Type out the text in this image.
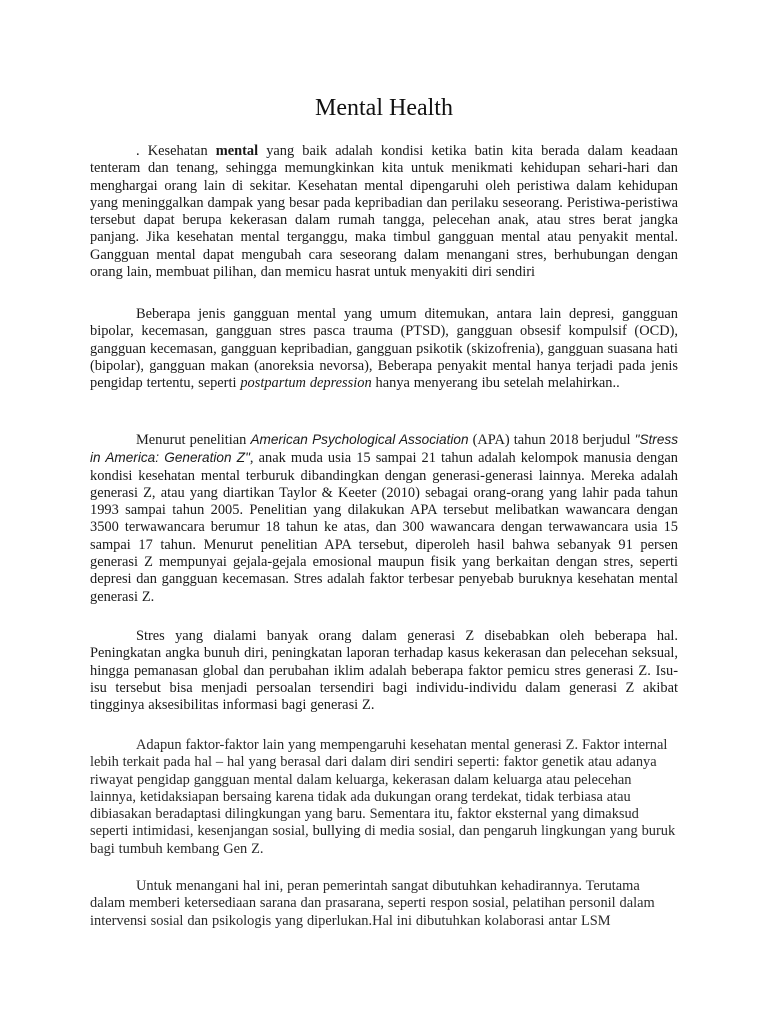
Mental Health

. Kesehatan mental yang baik adalah kondisi ketika batin kita berada dalam keadaan tenteram dan tenang, sehingga memungkinkan kita untuk menikmati kehidupan sehari-hari dan menghargai orang lain di sekitar. Kesehatan mental dipengaruhi oleh peristiwa dalam kehidupan yang meninggalkan dampak yang besar pada kepribadian dan perilaku seseorang. Peristiwa-peristiwa tersebut dapat berupa kekerasan dalam rumah tangga, pelecehan anak, atau stres berat jangka panjang. Jika kesehatan mental terganggu, maka timbul gangguan mental atau penyakit mental. Gangguan mental dapat mengubah cara seseorang dalam menangani stres, berhubungan dengan orang lain, membuat pilihan, dan memicu hasrat untuk menyakiti diri sendiri

Beberapa jenis gangguan mental yang umum ditemukan, antara lain depresi, gangguan bipolar, kecemasan, gangguan stres pasca trauma (PTSD), gangguan obsesif kompulsif (OCD), gangguan kecemasan, gangguan kepribadian, gangguan psikotik (skizofrenia), gangguan suasana hati (bipolar), gangguan makan (anoreksia nevorsa), Beberapa penyakit mental hanya terjadi pada jenis pengidap tertentu, seperti postpartum depression hanya menyerang ibu setelah melahirkan..

Menurut penelitian American Psychological Association (APA) tahun 2018 berjudul "Stress in America: Generation Z", anak muda usia 15 sampai 21 tahun adalah kelompok manusia dengan kondisi kesehatan mental terburuk dibandingkan dengan generasi-generasi lainnya. Mereka adalah generasi Z, atau yang diartikan Taylor & Keeter (2010) sebagai orang-orang yang lahir pada tahun 1993 sampai tahun 2005. Penelitian yang dilakukan APA tersebut melibatkan wawancara dengan 3500 terwawancara berumur 18 tahun ke atas, dan 300 wawancara dengan terwawancara usia 15 sampai 17 tahun. Menurut penelitian APA tersebut, diperoleh hasil bahwa sebanyak 91 persen generasi Z mempunyai gejala-gejala emosional maupun fisik yang berkaitan dengan stres, seperti depresi dan gangguan kecemasan. Stres adalah faktor terbesar penyebab buruknya kesehatan mental generasi Z.

Stres yang dialami banyak orang dalam generasi Z disebabkan oleh beberapa hal. Peningkatan angka bunuh diri, peningkatan laporan terhadap kasus kekerasan dan pelecehan seksual, hingga pemanasan global dan perubahan iklim adalah beberapa faktor pemicu stres generasi Z. Isu-isu tersebut bisa menjadi persoalan tersendiri bagi individu-individu dalam generasi Z akibat tingginya aksesibilitas informasi bagi generasi Z.

Adapun faktor-faktor lain yang mempengaruhi kesehatan mental generasi Z. Faktor internal lebih terkait pada hal – hal yang berasal dari dalam diri sendiri seperti: faktor genetik atau adanya riwayat pengidap gangguan mental dalam keluarga, kekerasan dalam keluarga atau pelecehan lainnya, ketidaksiapan bersaing karena tidak ada dukungan orang terdekat, tidak terbiasa atau dibiasakan beradaptasi dilingkungan yang baru. Sementara itu, faktor eksternal yang dimaksud seperti intimidasi, kesenjangan sosial, bullying di media sosial, dan pengaruh lingkungan yang buruk bagi tumbuh kembang Gen Z.

Untuk menangani hal ini, peran pemerintah sangat dibutuhkan kehadirannya. Terutama dalam memberi ketersediaan sarana dan prasarana, seperti respon sosial, pelatihan personil dalam intervensi sosial dan psikologis yang diperlukan.Hal ini dibutuhkan kolaborasi antar LSM
